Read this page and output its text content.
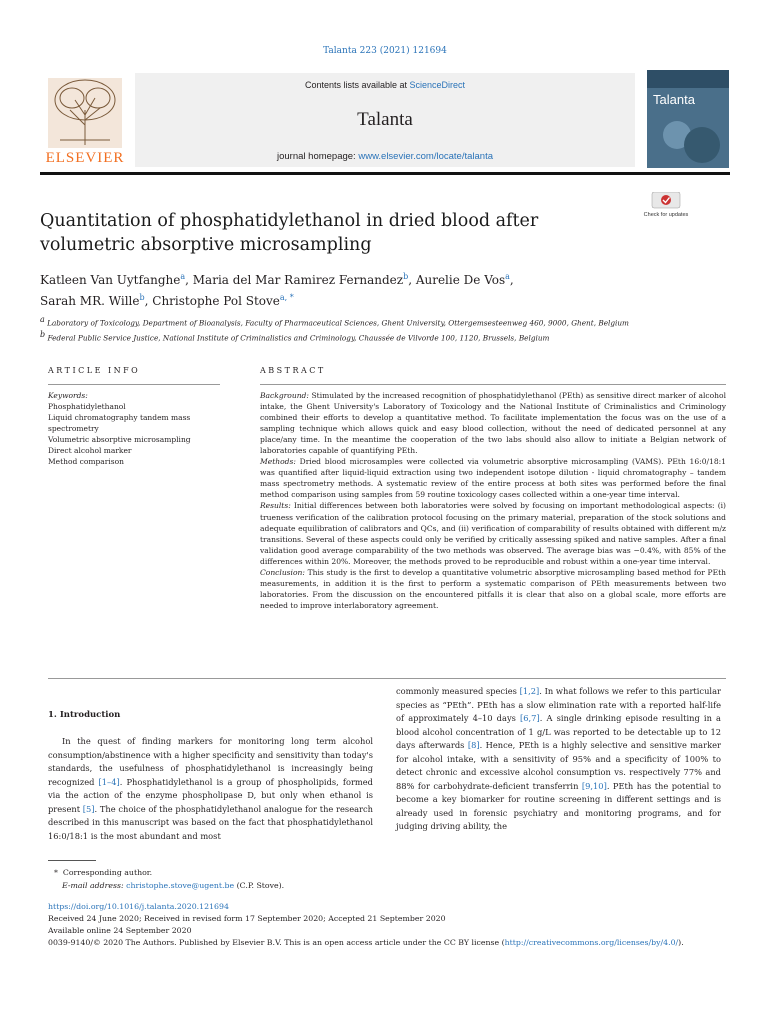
Talanta 223 (2021) 121694
ELSEVIER
Contents lists available at ScienceDirect
Talanta
journal homepage: www.elsevier.com/locate/talanta
Talanta
Quantitation of phosphatidylethanol in dried blood after volumetric absorptive microsampling
Check for updates
Katleen Van Uytfanghe$^a$, Maria del Mar Ramirez Fernandez$^b$, Aurelie De Vos$^a$,
Sarah MR. Wille$^b$, Christophe Pol Stove$^{a, *}$
$^a$ Laboratory of Toxicology, Department of Bioanalysis, Faculty of Pharmaceutical Sciences, Ghent University, Ottergemsesteenweg 460, 9000, Ghent, Belgium
$^b$ Federal Public Service Justice, National Institute of Criminalistics and Criminology, Chaussée de Vilvorde 100, 1120, Brussels, Belgium
ARTICLE INFO
Keywords:
Phosphatidylethanol
Liquid chromatography tandem mass spectrometry
Volumetric absorptive microsampling
Direct alcohol marker
Method comparison
ABSTRACT

Background: Stimulated by the increased recognition of phosphatidylethanol (PEth) as sensitive direct marker of alcohol intake, the Ghent University's Laboratory of Toxicology and the National Institute of Criminalistics and Criminology combined their efforts to develop a quantitative method. To facilitate implementation the focus was on the use of a sampling technique which allows quick and easy blood collection, without the need of dedicated personnel at any place/any time. In the meantime the cooperation of the two labs should also allow to initiate a Belgian network of laboratories capable of quantifying PEth.

Methods: Dried blood microsamples were collected via volumetric absorptive microsampling (VAMS). PEth 16:0/18:1 was quantified after liquid-liquid extraction using two independent isotope dilution - liquid chromatography – tandem mass spectrometry methods. A systematic review of the entire process at both sites was performed before the final method comparison using samples from 59 routine toxicology cases collected within a one-year time interval.

Results: Initial differences between both laboratories were solved by focusing on important methodological aspects: (i) trueness verification of the calibration protocol focusing on the primary material, preparation of the stock solutions and adequate equilibration of calibrators and QCs, and (ii) verification of comparability of results obtained with different m/z transitions. Several of these aspects could only be verified by critically assessing spiked and native samples. After a final validation good average comparability of the two methods was observed. The average bias was −0.4%, with 85% of the differences within 20%. Moreover, the methods proved to be reproducible and robust within a one-year time interval.

Conclusion: This study is the first to develop a quantitative volumetric absorptive microsampling based method for PEth measurements, in addition it is the first to perform a systematic comparison of PEth measurements between two laboratories. From the discussion on the encountered pitfalls it is clear that also on a global scale, more efforts are needed to improve interlaboratory agreement.

1. Introduction

In the quest of finding markers for monitoring long term alcohol consumption/abstinence with a higher specificity and sensitivity than today's standards, the usefulness of phosphatidylethanol is increasingly being recognized [1–4]. Phosphatidylethanol is a group of phospholipids, formed via the action of the enzyme phospholipase D, but only when ethanol is present [5]. The choice of the phosphatidylethanol analogue for the research described in this manuscript was based on the fact that phosphatidylethanol 16:0/18:1 is the most abundant and most

commonly measured species [1,2]. In what follows we refer to this particular species as “PEth”. PEth has a slow elimination rate with a reported half-life of approximately 4–10 days [6,7]. A single drinking episode resulting in a blood alcohol concentration of 1 g/L was reported to be detectable up to 12 days afterwards [8]. Hence, PEth is a highly selective and sensitive marker for alcohol intake, with a sensitivity of 95% and a specificity of 100% to detect chronic and excessive alcohol consumption vs. respectively 77% and 88% for carbohydrate-deficient transferrin [9,10]. PEth has the potential to become a key biomarker for routine screening in different settings and is already used in forensic psychiatry and monitoring programs, and for judging driving ability, the

* Corresponding author.
E-mail address: christophe.stove@ugent.be (C.P. Stove).
https://doi.org/10.1016/j.talanta.2020.121694
Received 24 June 2020; Received in revised form 17 September 2020; Accepted 21 September 2020
Available online 24 September 2020
0039-9140/© 2020 The Authors. Published by Elsevier B.V. This is an open access article under the CC BY license (http://creativecommons.org/licenses/by/4.0/).
